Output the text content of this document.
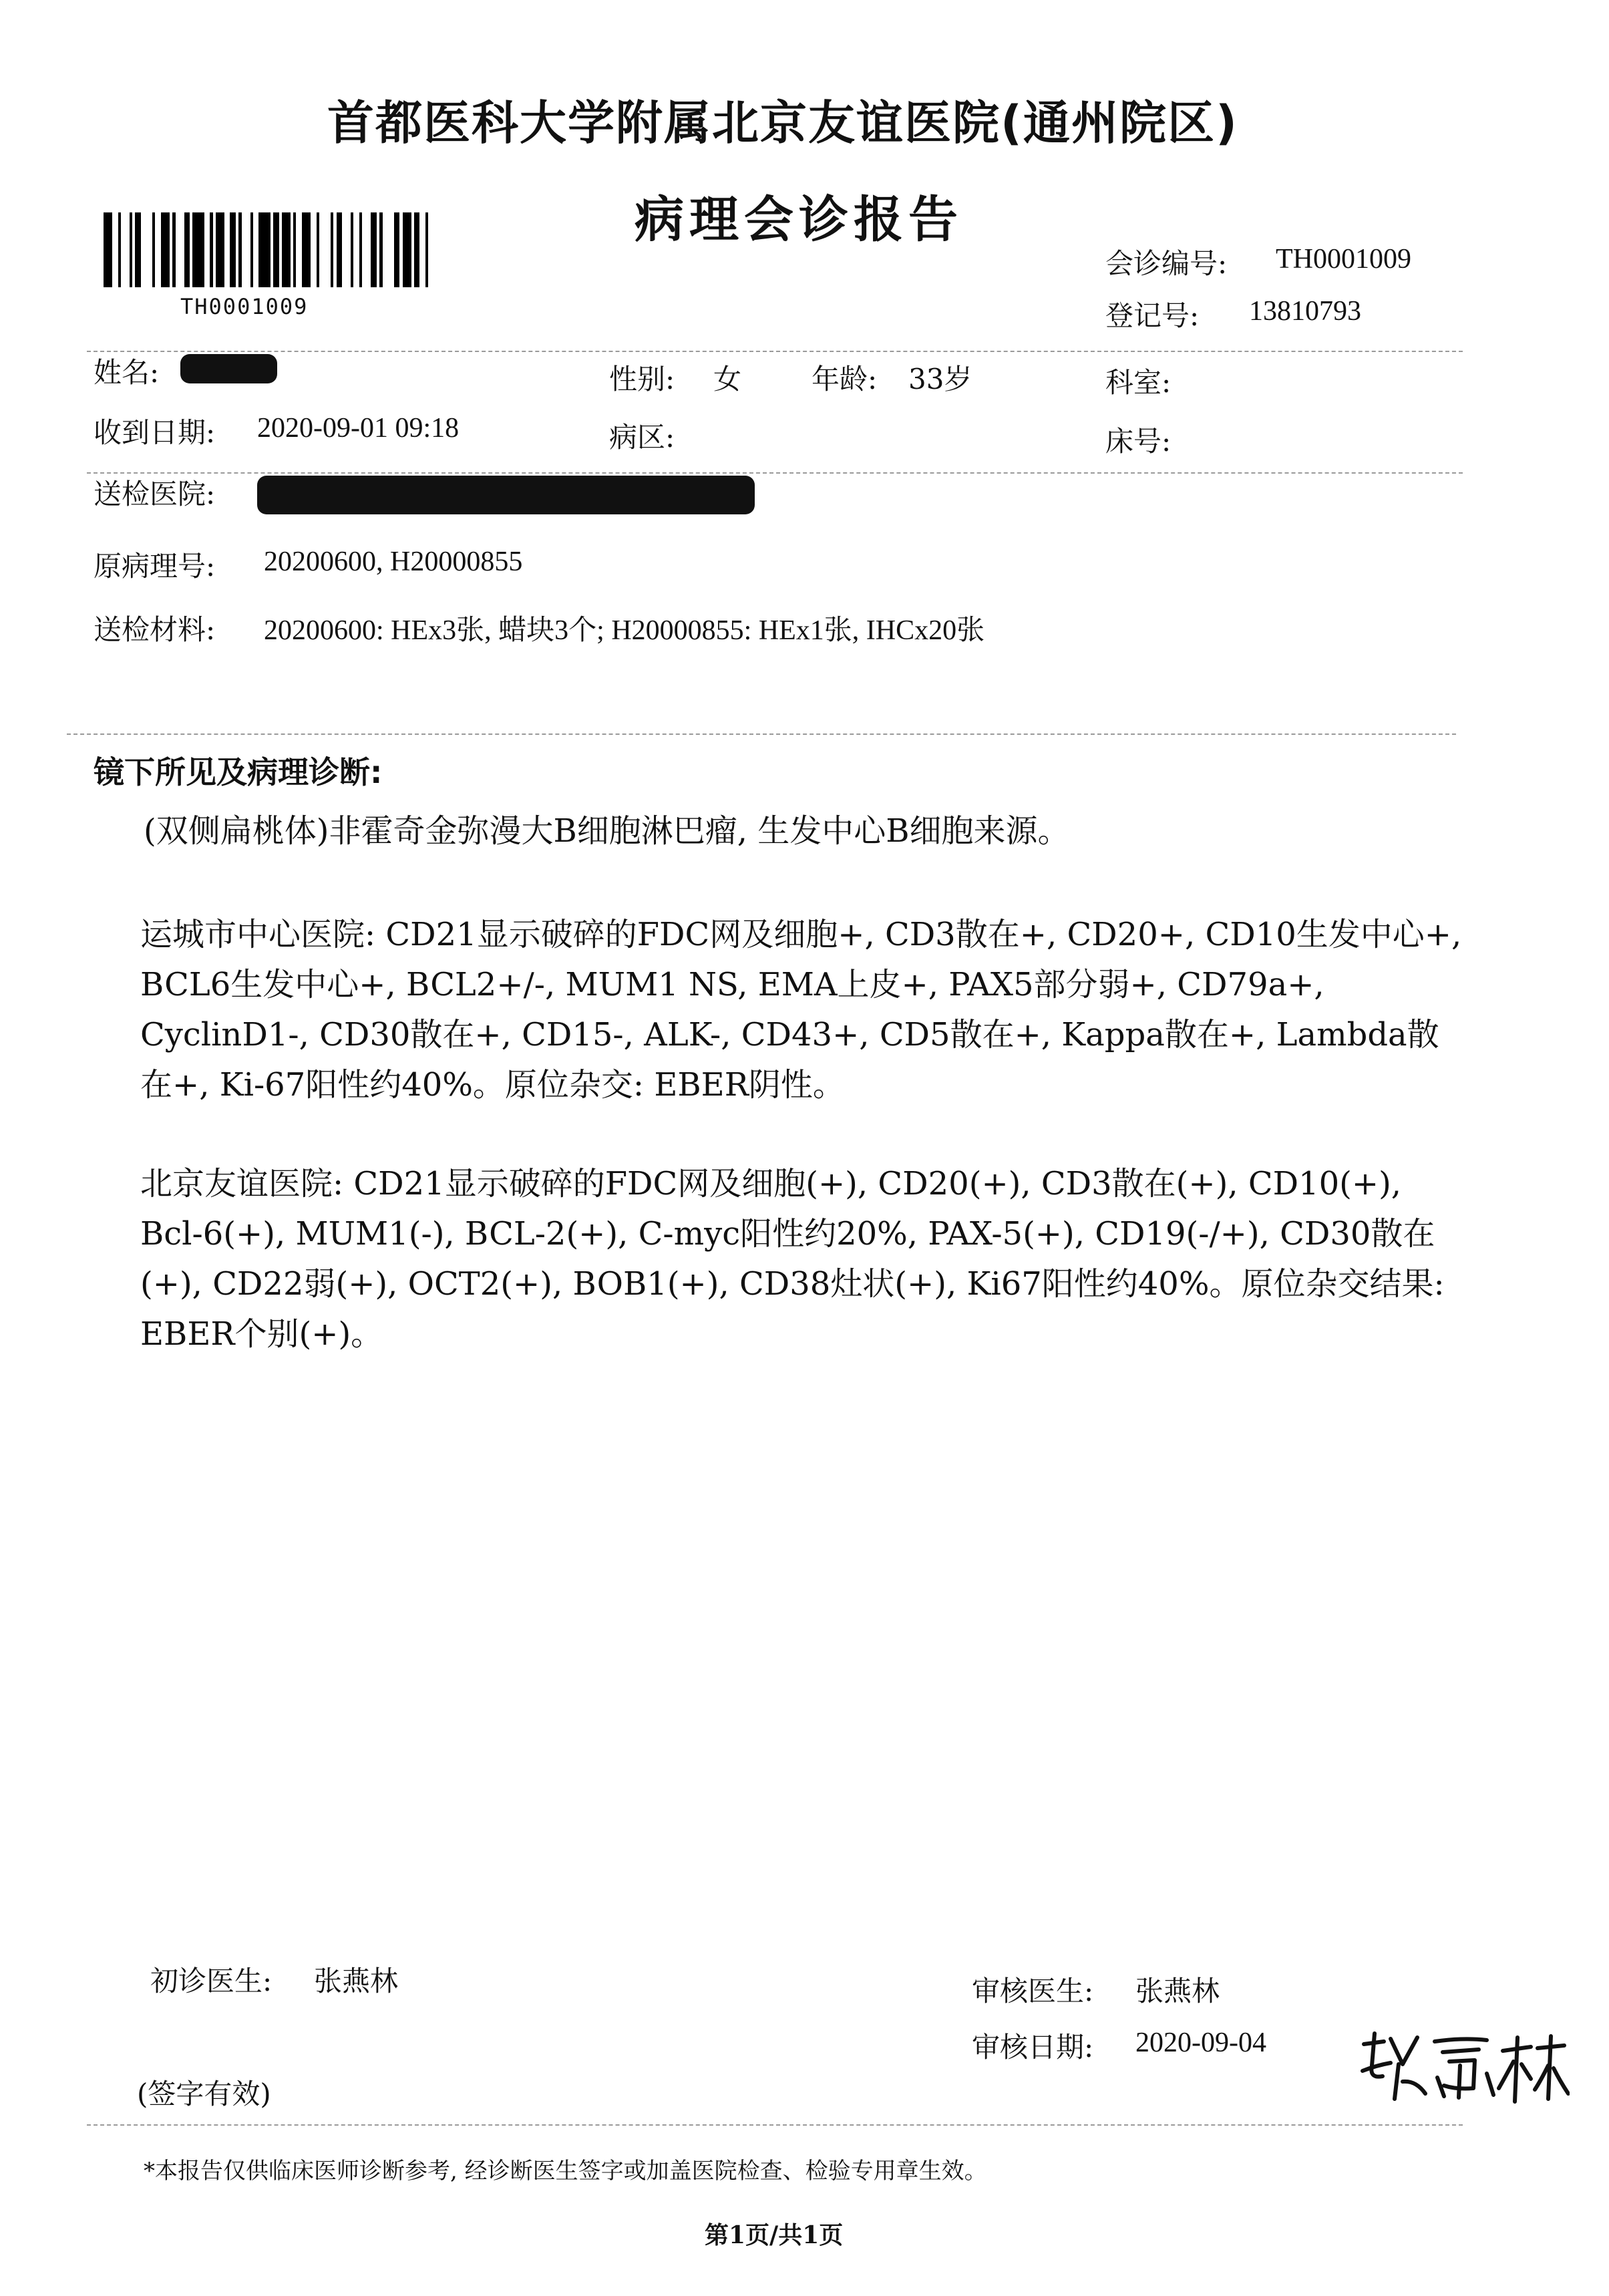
首都医科大学附属北京友谊医院(通州院区)
病理会诊报告
TH0001009
会诊编号: TH0001009
登记号: 13810793
姓名:	性别: 女 年龄: 33岁	科室:
收到日期: 2020-09-01 09:18	病区:	床号:
送检医院:
原病理号: 20200600, H20000855
送检材料: 20200600: HEx3张, 蜡块3个; H20000855: HEx1张, IHCx20张
镜下所见及病理诊断:
(双侧扁桃体)非霍奇金弥漫大B细胞淋巴瘤, 生发中心B细胞来源。
运城市中心医院: CD21显示破碎的FDC网及细胞+, CD3散在+, CD20+, CD10生发中心+, BCL6生发中心+, BCL2+/-, MUM1 NS, EMA上皮+, PAX5部分弱+, CD79a+, CyclinD1-, CD30散在+, CD15-, ALK-, CD43+, CD5散在+, Kappa散在+, Lambda散在+, Ki-67阳性约40%。原位杂交: EBER阴性。
北京友谊医院: CD21显示破碎的FDC网及细胞(+), CD20(+), CD3散在(+), CD10(+), Bcl-6(+), MUM1(-), BCL-2(+), C-myc阳性约20%, PAX-5(+), CD19(-/+), CD30散在(+), CD22弱(+), OCT2(+), BOB1(+), CD38灶状(+), Ki67阳性约40%。原位杂交结果: EBER个别(+)。
初诊医生: 张燕林	审核医生: 张燕林
审核日期: 2020-09-04
(签字有效)
*本报告仅供临床医师诊断参考, 经诊断医生签字或加盖医院检查、检验专用章生效。
第1页/共1页
